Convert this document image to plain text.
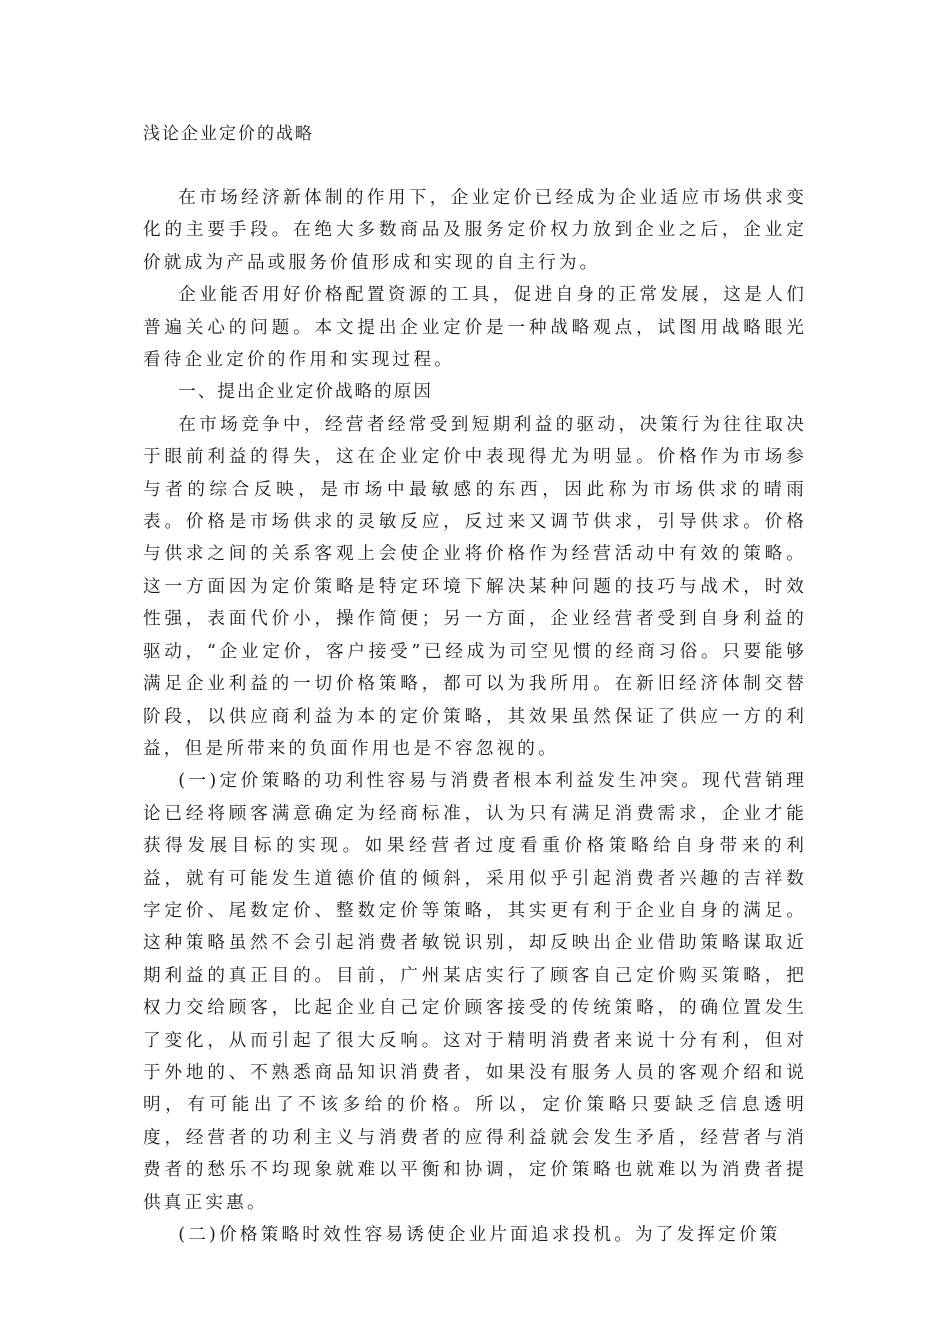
浅论企业定价的战略

在市场经济新体制的作用下，企业定价已经成为企业适应市场供求变化的主要手段。在绝大多数商品及服务定价权力放到企业之后，企业定价就成为产品或服务价值形成和实现的自主行为。

企业能否用好价格配置资源的工具，促进自身的正常发展，这是人们普遍关心的问题。本文提出企业定价是一种战略观点，试图用战略眼光看待企业定价的作用和实现过程。

一、提出企业定价战略的原因

在市场竞争中，经营者经常受到短期利益的驱动，决策行为往往取决于眼前利益的得失，这在企业定价中表现得尤为明显。价格作为市场参与者的综合反映，是市场中最敏感的东西，因此称为市场供求的晴雨表。价格是市场供求的灵敏反应，反过来又调节供求，引导供求。价格与供求之间的关系客观上会使企业将价格作为经营活动中有效的策略。这一方面因为定价策略是特定环境下解决某种问题的技巧与战术，时效性强，表面代价小，操作简便；另一方面，企业经营者受到自身利益的驱动，“企业定价，客户接受”已经成为司空见惯的经商习俗。只要能够满足企业利益的一切价格策略，都可以为我所用。在新旧经济体制交替阶段，以供应商利益为本的定价策略，其效果虽然保证了供应一方的利益，但是所带来的负面作用也是不容忽视的。

(一)定价策略的功利性容易与消费者根本利益发生冲突。现代营销理论已经将顾客满意确定为经商标准，认为只有满足消费需求，企业才能获得发展目标的实现。如果经营者过度看重价格策略给自身带来的利益，就有可能发生道德价值的倾斜，采用似乎引起消费者兴趣的吉祥数字定价、尾数定价、整数定价等策略，其实更有利于企业自身的满足。这种策略虽然不会引起消费者敏锐识别，却反映出企业借助策略谋取近期利益的真正目的。目前，广州某店实行了顾客自己定价购买策略，把权力交给顾客，比起企业自己定价顾客接受的传统策略，的确位置发生了变化，从而引起了很大反响。这对于精明消费者来说十分有利，但对于外地的、不熟悉商品知识消费者，如果没有服务人员的客观介绍和说明，有可能出了不该多给的价格。所以，定价策略只要缺乏信息透明度，经营者的功利主义与消费者的应得利益就会发生矛盾，经营者与消费者的愁乐不均现象就难以平衡和协调，定价策略也就难以为消费者提供真正实惠。

(二)价格策略时效性容易诱使企业片面追求投机。为了发挥定价策
